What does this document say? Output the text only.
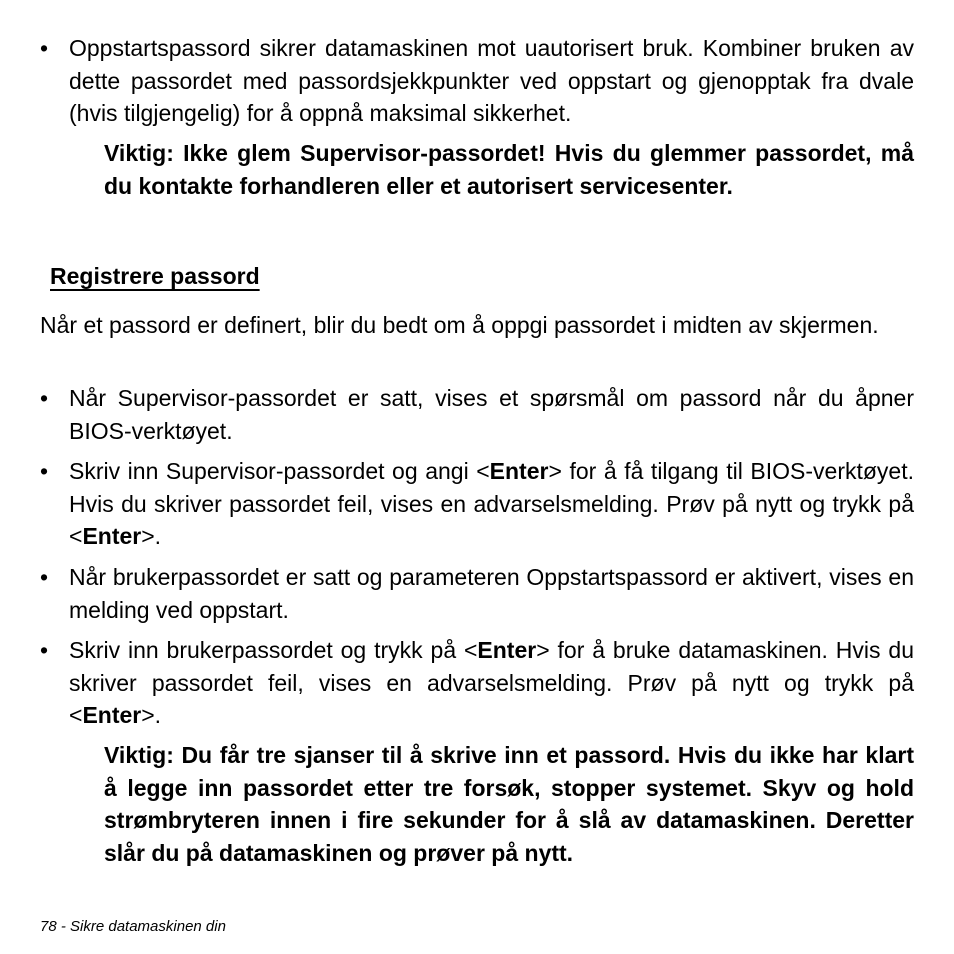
• Oppstartspassord sikrer datamaskinen mot uautorisert bruk. Kombiner bruken av dette passordet med passordsjekkpunkter ved oppstart og gjenopptak fra dvale (hvis tilgjengelig) for å oppnå maksimal sikkerhet.
Viktig: Ikke glem Supervisor-passordet! Hvis du glemmer passordet, må du kontakte forhandleren eller et autorisert servicesenter.
Registrere passord
Når et passord er definert, blir du bedt om å oppgi passordet i midten av skjermen.
• Når Supervisor-passordet er satt, vises et spørsmål om passord når du åpner BIOS-verktøyet.
• Skriv inn Supervisor-passordet og angi <Enter> for å få tilgang til BIOS-verktøyet. Hvis du skriver passordet feil, vises en advarselsmelding. Prøv på nytt og trykk på <Enter>.
• Når brukerpassordet er satt og parameteren Oppstartspassord er aktivert, vises en melding ved oppstart.
• Skriv inn brukerpassordet og trykk på <Enter> for å bruke datamaskinen. Hvis du skriver passordet feil, vises en advarselsmelding. Prøv på nytt og trykk på <Enter>.
Viktig: Du får tre sjanser til å skrive inn et passord. Hvis du ikke har klart å legge inn passordet etter tre forsøk, stopper systemet. Skyv og hold strømbryteren innen i fire sekunder for å slå av datamaskinen. Deretter slår du på datamaskinen og prøver på nytt.
78 - Sikre datamaskinen din
